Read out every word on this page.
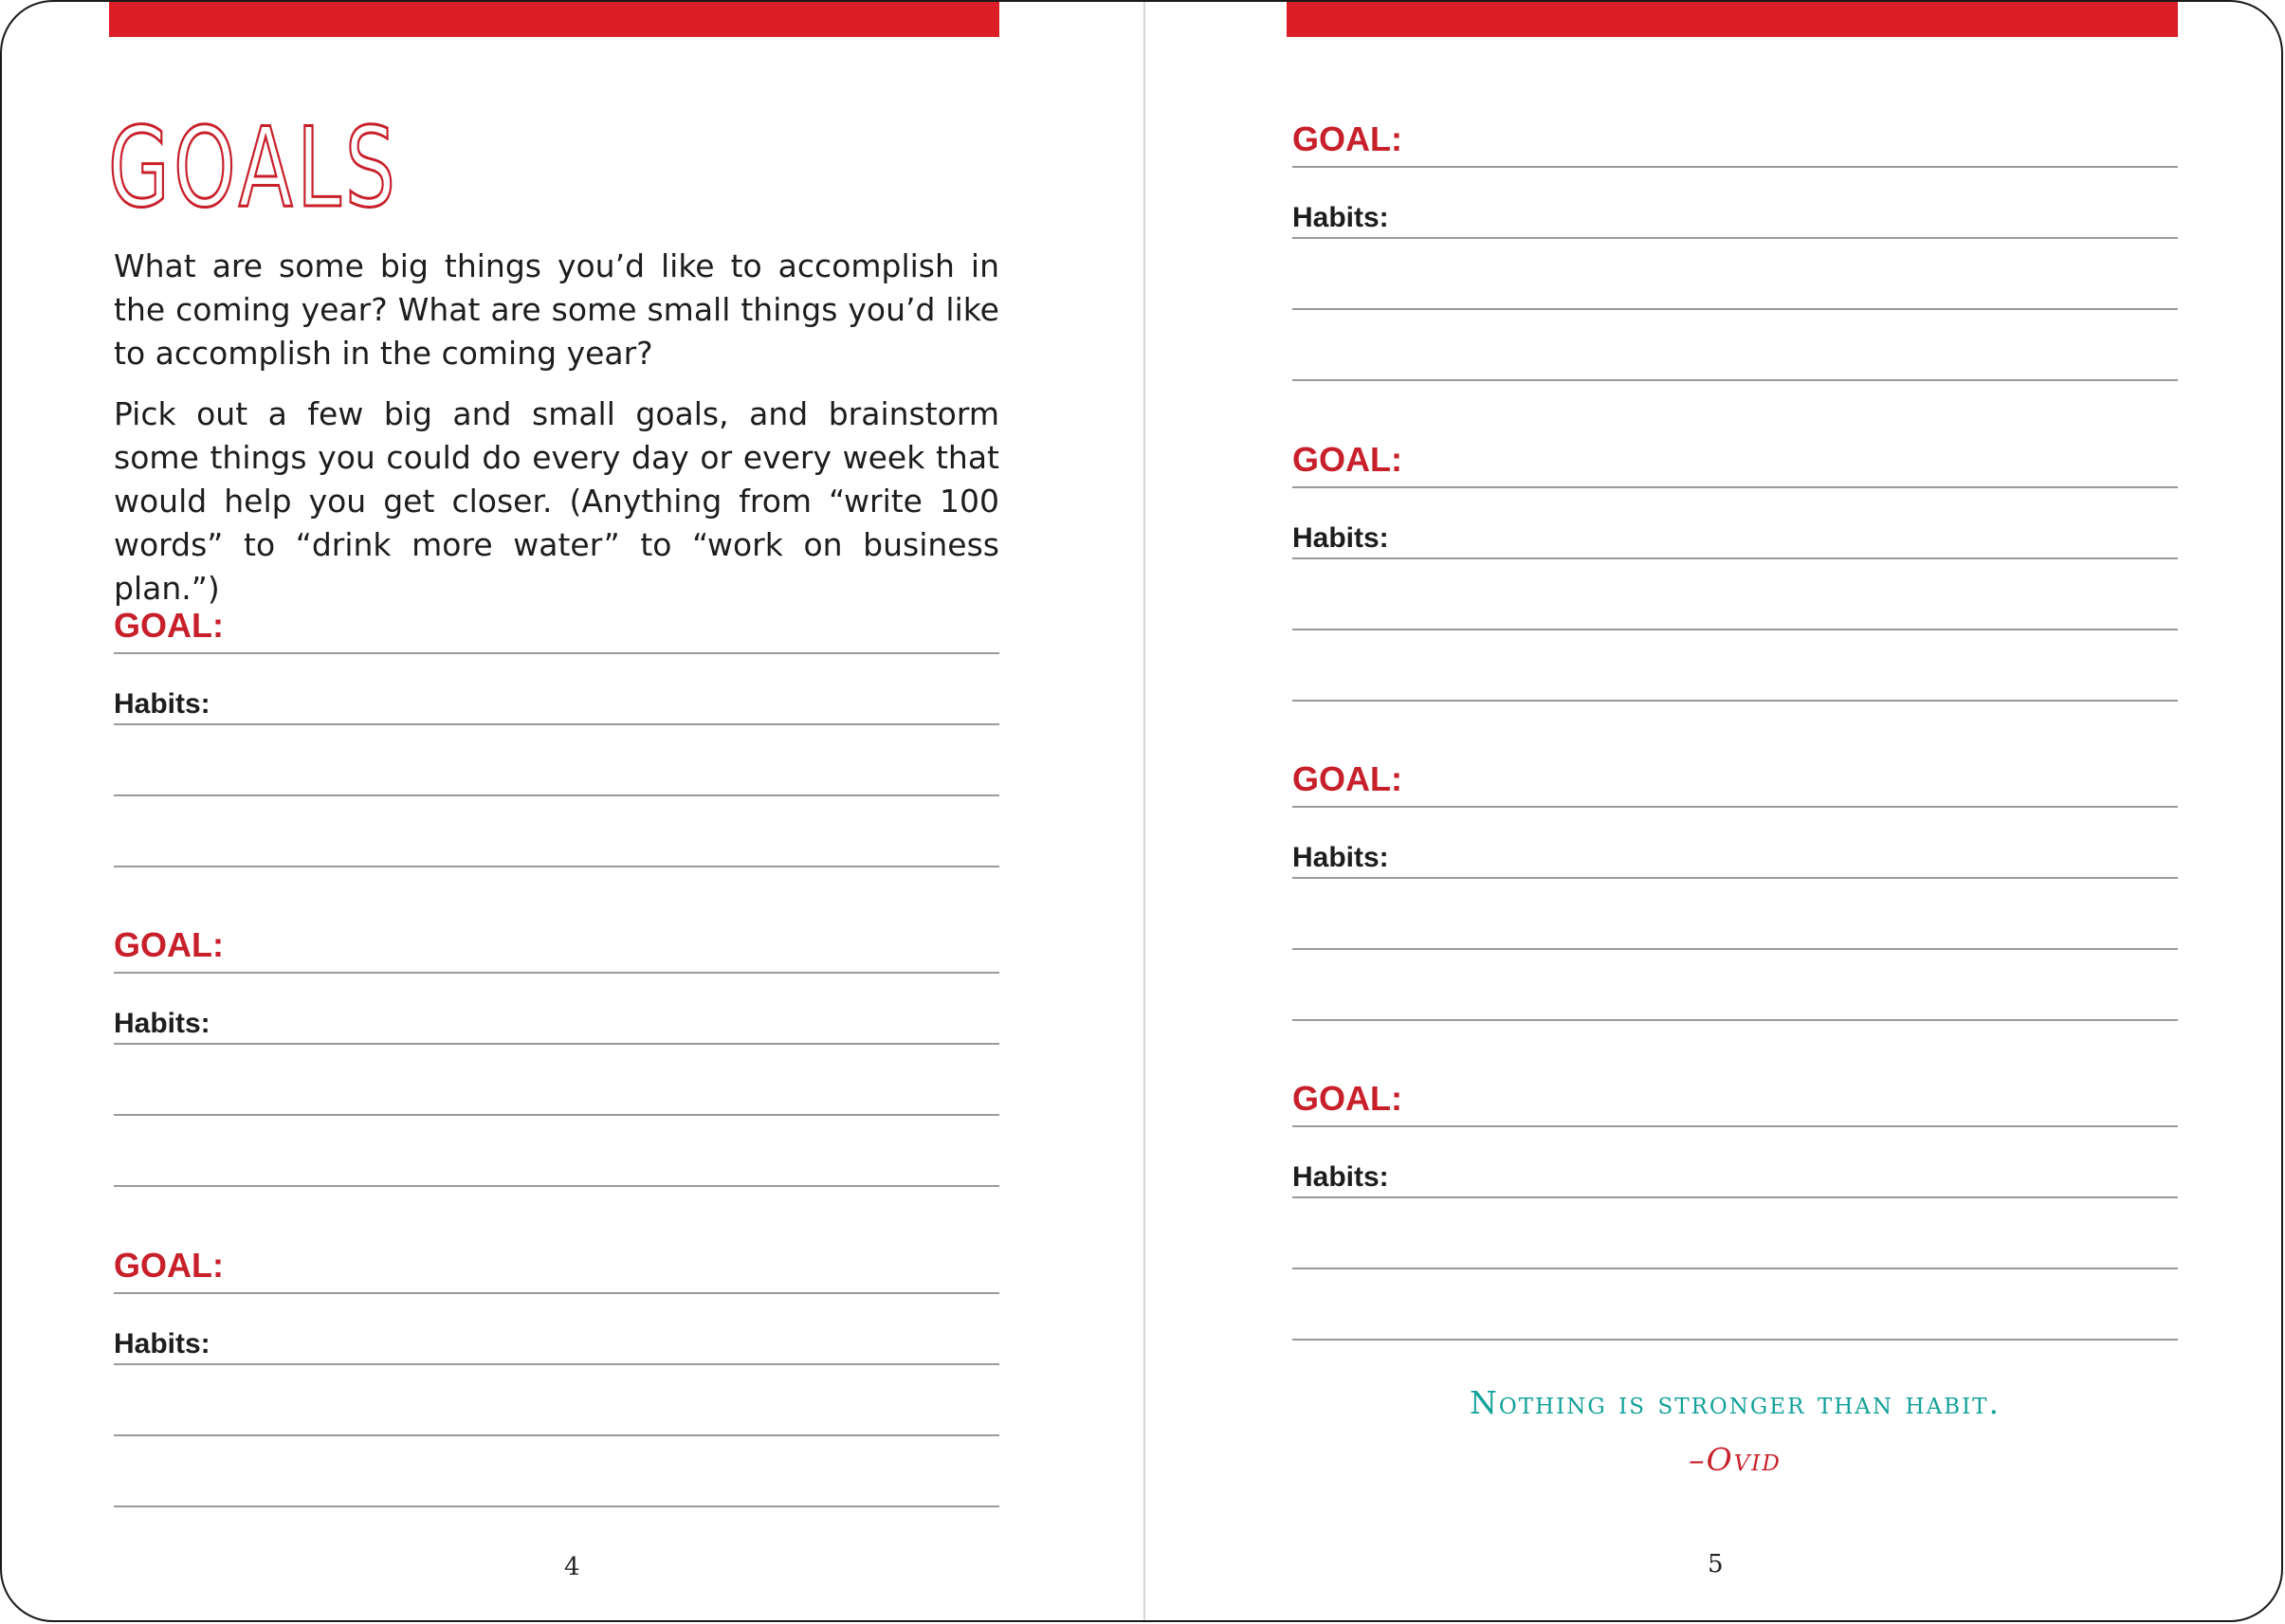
GOALS

What are some big things you’d like to accomplish in the coming year? What are some small things you’d like to accomplish in the coming year?

Pick out a few big and small goals, and brainstorm some things you could do every day or every week that would help you get closer. (Anything from “write 100 words” to “drink more water” to “work on business plan.”)

GOAL:
Habits:
GOAL:
Habits:
GOAL:
Habits:
4
GOAL:
Habits:
GOAL:
Habits:
GOAL:
Habits:
GOAL:
Habits:

Nothing is stronger than habit.

–Ovid

5
